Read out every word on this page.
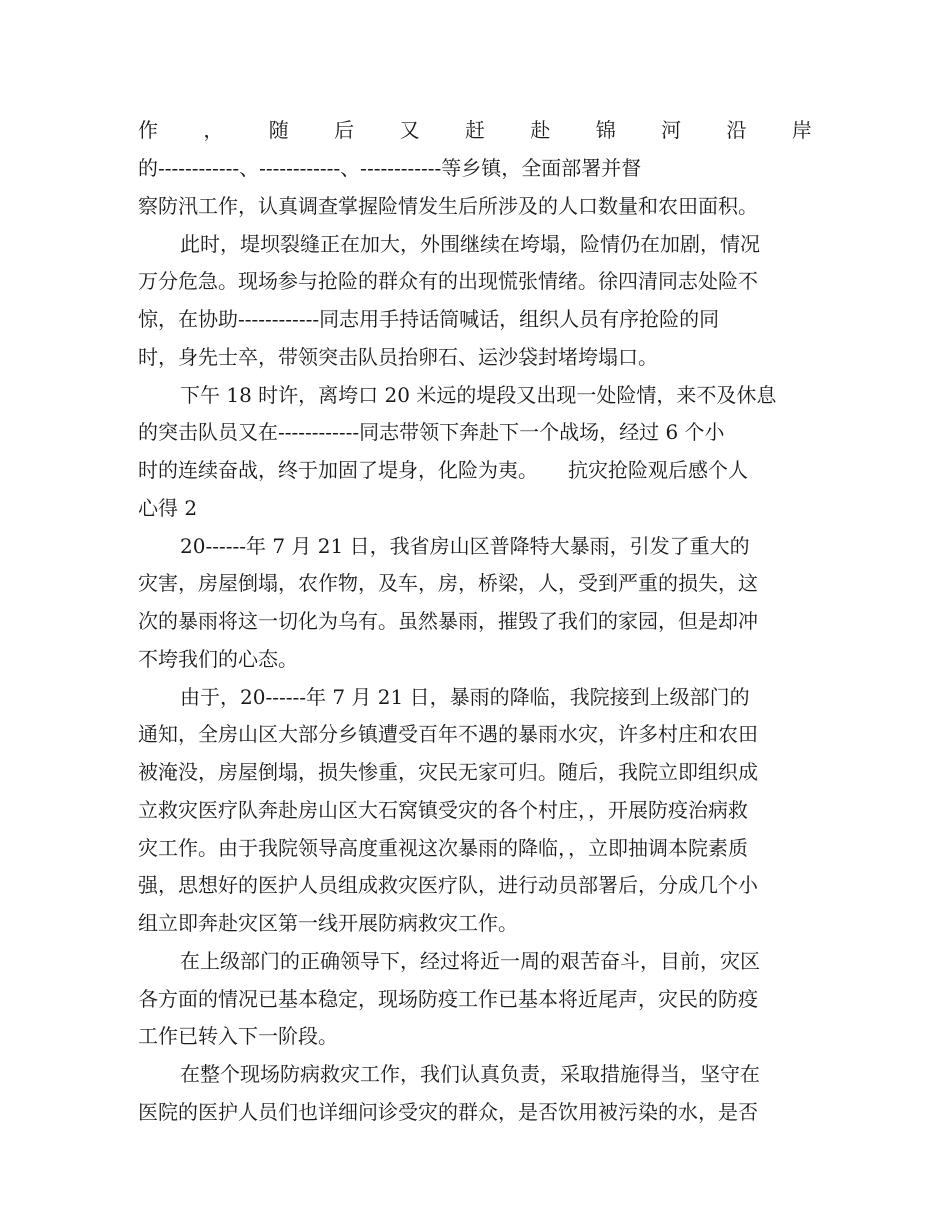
作 ， 随 后 又 赶 赴 锦 河 沿 岸
的------------、------------、------------等乡镇，全面部署并督
察防汛工作，认真调查掌握险情发生后所涉及的人口数量和农田面积。
此时，堤坝裂缝正在加大，外围继续在垮塌，险情仍在加剧，情况
万分危急。现场参与抢险的群众有的出现慌张情绪。徐四清同志处险不
惊，在协助------------同志用手持话筒喊话，组织人员有序抢险的同
时，身先士卒，带领突击队员抬卵石、运沙袋封堵垮塌口。
下午 18 时许，离垮口 20 米远的堤段又出现一处险情，来不及休息
的突击队员又在------------同志带领下奔赴下一个战场，经过 6 个小
时的连续奋战，终于加固了堤身，化险为夷。　　抗灾抢险观后感个人
心得 2
20------年 7 月 21 日，我省房山区普降特大暴雨，引发了重大的
灾害，房屋倒塌，农作物，及车，房，桥梁，人，受到严重的损失，这
次的暴雨将这一切化为乌有。虽然暴雨，摧毁了我们的家园，但是却冲
不垮我们的心态。
由于，20------年 7 月 21 日，暴雨的降临，我院接到上级部门的
通知，全房山区大部分乡镇遭受百年不遇的暴雨水灾，许多村庄和农田
被淹没，房屋倒塌，损失惨重，灾民无家可归。随后，我院立即组织成
立救灾医疗队奔赴房山区大石窝镇受灾的各个村庄，，开展防疫治病救
灾工作。由于我院领导高度重视这次暴雨的降临，，立即抽调本院素质
强，思想好的医护人员组成救灾医疗队，进行动员部署后，分成几个小
组立即奔赴灾区第一线开展防病救灾工作。
在上级部门的正确领导下，经过将近一周的艰苦奋斗，目前，灾区
各方面的情况已基本稳定，现场防疫工作已基本将近尾声，灾民的防疫
工作已转入下一阶段。
在整个现场防病救灾工作，我们认真负责，采取措施得当，坚守在
医院的医护人员们也详细问诊受灾的群众，是否饮用被污染的水，是否
